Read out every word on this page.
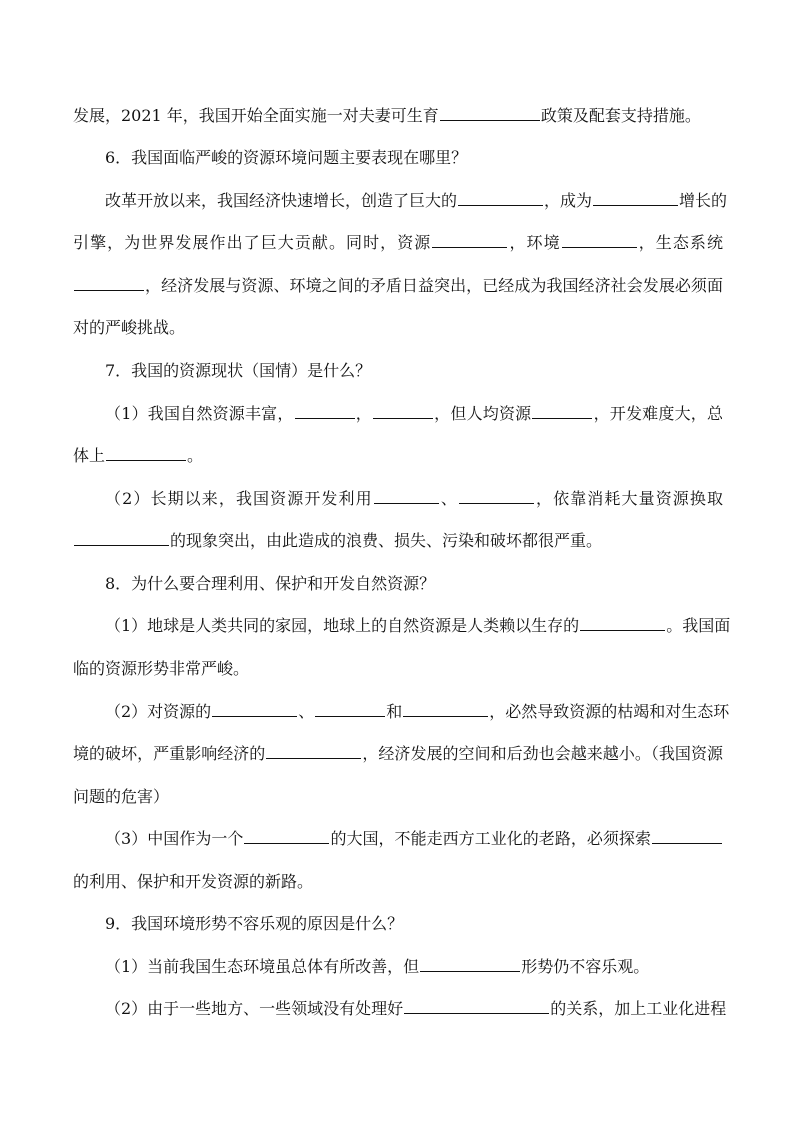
发展，2021 年，我国开始全面实施一对夫妻可生育	政策及配套支持措施。
6．我国面临严峻的资源环境问题主要表现在哪里？
改革开放以来，我国经济快速增长，创造了巨大的	，成为	增长的
引擎，为世界发展作出了巨大贡献。同时，资源	，环境	，生态系统
，经济发展与资源、环境之间的矛盾日益突出，已经成为我国经济社会发展必须面
对的严峻挑战。
7．我国的资源现状（国情）是什么？
（1）我国自然资源丰富，	，	，但人均资源	，开发难度大，总
体上	。
（2）长期以来，我国资源开发利用	、	，依靠消耗大量资源换取
的现象突出，由此造成的浪费、损失、污染和破坏都很严重。
8．为什么要合理利用、保护和开发自然资源？
（1）地球是人类共同的家园，地球上的自然资源是人类赖以生存的	。我国面
临的资源形势非常严峻。
（2）对资源的	、	和	，必然导致资源的枯竭和对生态环
境的破坏，严重影响经济的	，经济发展的空间和后劲也会越来越小。（我国资源
问题的危害）
（3）中国作为一个	的大国，不能走西方工业化的老路，必须探索
的利用、保护和开发资源的新路。
9．我国环境形势不容乐观的原因是什么？
（1）当前我国生态环境虽总体有所改善，但	形势仍不容乐观。
（2）由于一些地方、一些领域没有处理好	的关系，加上工业化进程
